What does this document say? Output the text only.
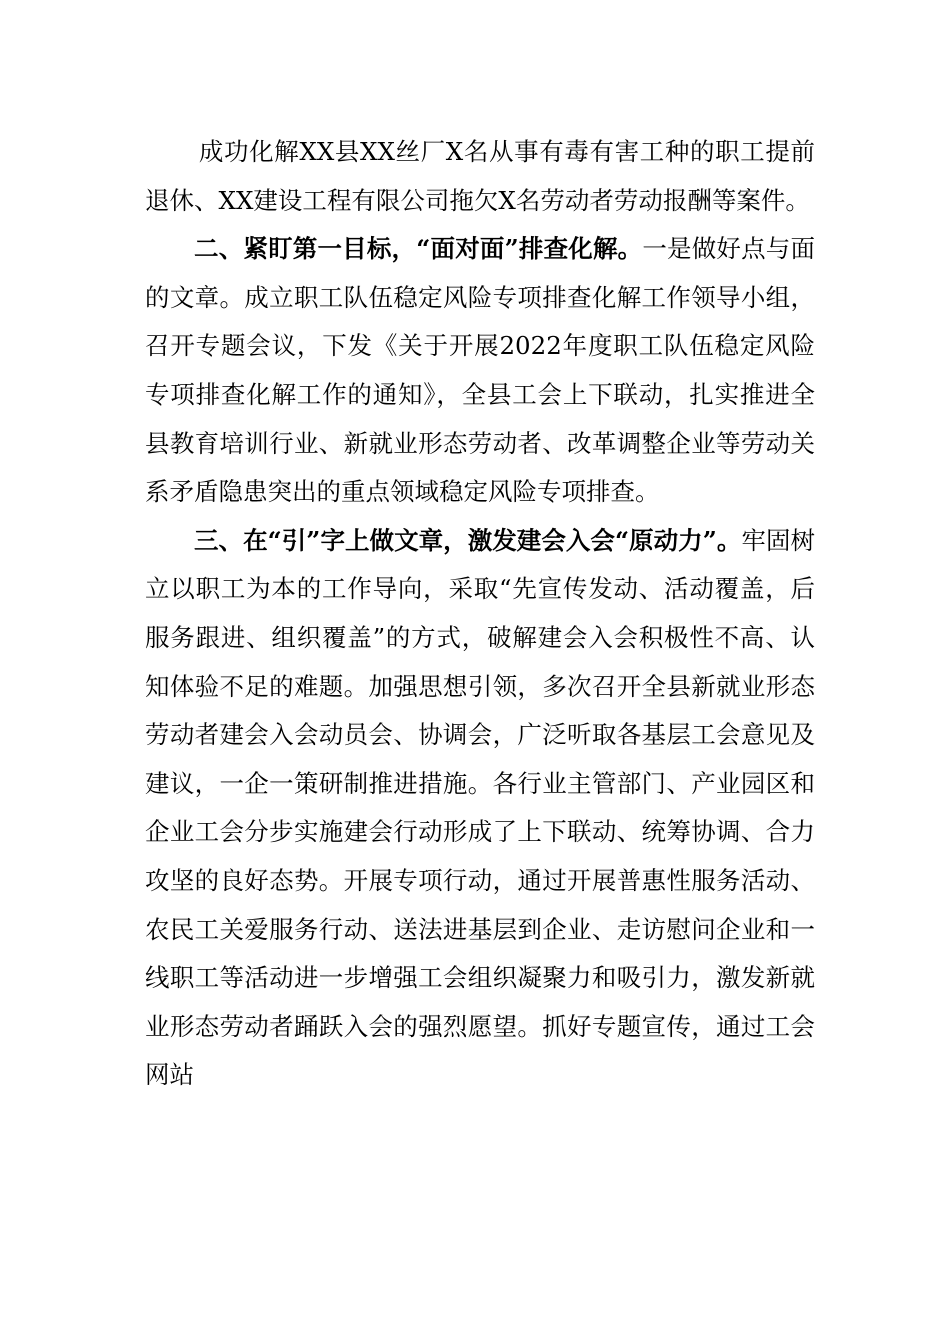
成功化解XX县XX丝厂X名从事有毒有害工种的职工提前退休、XX建设工程有限公司拖欠X名劳动者劳动报酬等案件。

二、紧盯第一目标，“面对面”排查化解。一是做好点与面的文章。成立职工队伍稳定风险专项排查化解工作领导小组，召开专题会议，下发《关于开展2022年度职工队伍稳定风险专项排查化解工作的通知》，全县工会上下联动，扎实推进全县教育培训行业、新就业形态劳动者、改革调整企业等劳动关系矛盾隐患突出的重点领域稳定风险专项排查。

三、在“引”字上做文章，激发建会入会“原动力”。牢固树立以职工为本的工作导向，采取“先宣传发动、活动覆盖，后服务跟进、组织覆盖”的方式，破解建会入会积极性不高、认知体验不足的难题。加强思想引领，多次召开全县新就业形态劳动者建会入会动员会、协调会，广泛听取各基层工会意见及建议，一企一策研制推进措施。各行业主管部门、产业园区和企业工会分步实施建会行动形成了上下联动、统筹协调、合力攻坚的良好态势。开展专项行动，通过开展普惠性服务活动、农民工关爱服务行动、送法进基层到企业、走访慰问企业和一线职工等活动进一步增强工会组织凝聚力和吸引力，激发新就业形态劳动者踊跃入会的强烈愿望。抓好专题宣传，通过工会网站
